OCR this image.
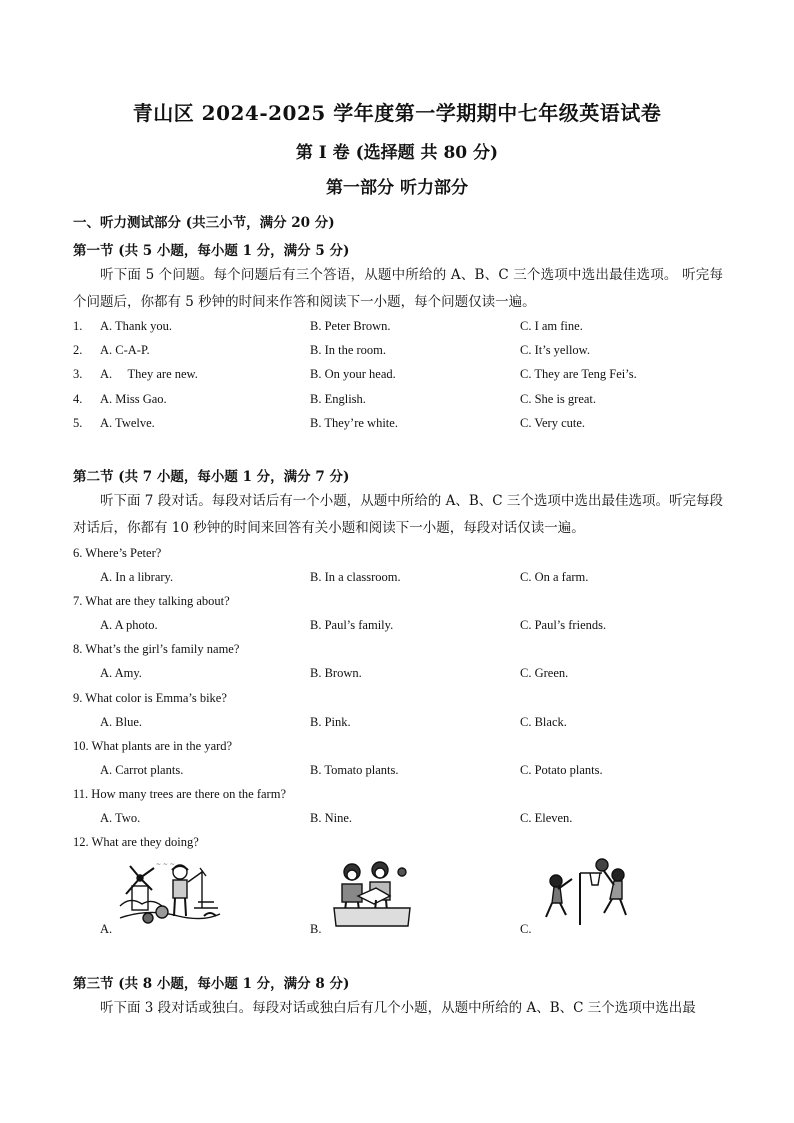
青山区 2024-2025 学年度第一学期期中七年级英语试卷
第 I 卷 (选择题 共 80 分)
第一部分 听力部分
一、听力测试部分 (共三小节，满分 20 分)
第一节 (共 5 小题，每小题 1 分，满分 5 分)
听下面 5 个问题。每个问题后有三个答语，从题中所给的 A、B、C 三个选项中选出最佳选项。 听完每个问题后，你都有 5 秒钟的时间来作答和阅读下一小题，每个问题仅读一遍。
1. A. Thank you.	B. Peter Brown.	C. I am fine.
2. A. C-A-P.	B. In the room.	C. It’s yellow.
3. A.     They are new.	B. On your head.	C. They are Teng Fei’s.
4. A. Miss Gao.	B. English.	C. She is great.
5. A. Twelve.	B. They’re white.	C. Very cute.
第二节 (共 7 小题，每小题 1 分，满分 7 分)
听下面 7 段对话。每段对话后有一个小题，从题中所给的 A、B、C 三个选项中选出最佳选项。听完每段对话后，你都有 10 秒钟的时间来回答有关小题和阅读下一小题，每段对话仅读一遍。
6. Where’s Peter?
A. In a library.	B. In a classroom.	C. On a farm.
7. What are they talking about?
A. A photo.	B. Paul’s family.	C. Paul’s friends.
8. What’s the girl’s family name?
A. Amy.	B. Brown.	C. Green.
9. What color is Emma’s bike?
A. Blue.	B. Pink.	C. Black.
10. What plants are in the yard?
A. Carrot plants.	B. Tomato plants.	C. Potato plants.
11. How many trees are there on the farm?
A. Two.	B. Nine.	C. Eleven.
12. What are they doing?
~ ~ ~
A.	B.	C.
第三节 (共 8 小题，每小题 1 分，满分 8 分)
听下面 3 段对话或独白。每段对话或独白后有几个小题，从题中所给的 A、B、C 三个选项中选出最
